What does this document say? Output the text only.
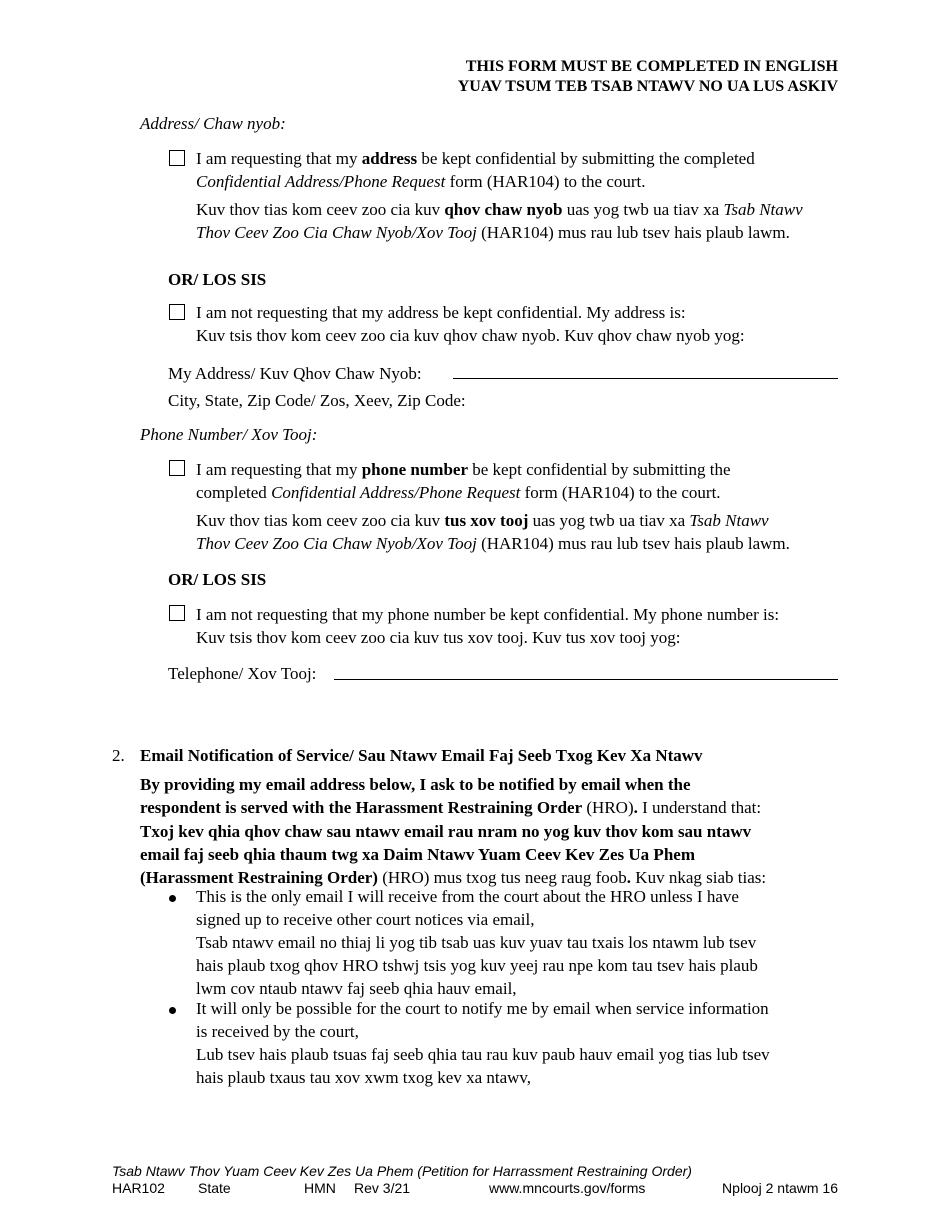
THIS FORM MUST BE COMPLETED IN ENGLISH
YUAV TSUM TEB TSAB NTAWV NO UA LUS ASKIV
Address/ Chaw nyob:
I am requesting that my address be kept confidential by submitting the completed
Confidential Address/Phone Request form (HAR104) to the court.
Kuv thov tias kom ceev zoo cia kuv qhov chaw nyob uas yog twb ua tiav xa Tsab Ntawv Thov Ceev Zoo Cia Chaw Nyob/Xov Tooj (HAR104) mus rau lub tsev hais plaub lawm.
OR/ LOS SIS
I am not requesting that my address be kept confidential. My address is:
Kuv tsis thov kom ceev zoo cia kuv qhov chaw nyob. Kuv qhov chaw nyob yog:
My Address/ Kuv Qhov Chaw Nyob:
City, State, Zip Code/ Zos, Xeev, Zip Code:
Phone Number/ Xov Tooj:
I am requesting that my phone number be kept confidential by submitting the
completed Confidential Address/Phone Request form (HAR104) to the court.
Kuv thov tias kom ceev zoo cia kuv tus xov tooj uas yog twb ua tiav xa Tsab Ntawv
Thov Ceev Zoo Cia Chaw Nyob/Xov Tooj (HAR104) mus rau lub tsev hais plaub lawm.
OR/ LOS SIS
I am not requesting that my phone number be kept confidential. My phone number is:
Kuv tsis thov kom ceev zoo cia kuv tus xov tooj. Kuv tus xov tooj yog:
Telephone/ Xov Tooj:
2. Email Notification of Service/ Sau Ntawv Email Faj Seeb Txog Kev Xa Ntawv
By providing my email address below, I ask to be notified by email when the
respondent is served with the Harassment Restraining Order (HRO). I understand that:
Txoj kev qhia qhov chaw sau ntawv email rau nram no yog kuv thov kom sau ntawv
email faj seeb qhia thaum twg xa Daim Ntawv Yuam Ceev Kev Zes Ua Phem
(Harassment Restraining Order) (HRO) mus txog tus neeg raug foob. Kuv nkag siab tias:
This is the only email I will receive from the court about the HRO unless I have
signed up to receive other court notices via email,
Tsab ntawv email no thiaj li yog tib tsab uas kuv yuav tau txais los ntawm lub tsev
hais plaub txog qhov HRO tshwj tsis yog kuv yeej rau npe kom tau tsev hais plaub
lwm cov ntaub ntawv faj seeb qhia hauv email,
It will only be possible for the court to notify me by email when service information
is received by the court,
Lub tsev hais plaub tsuas faj seeb qhia tau rau kuv paub hauv email yog tias lub tsev
hais plaub txaus tau xov xwm txog kev xa ntawv,
Tsab Ntawv Thov Yuam Ceev Kev Zes Ua Phem (Petition for Harrassment Restraining Order)
HAR102 State	HMN Rev 3/21	www.mncourts.gov/forms	Nplooj 2 ntawm 16
